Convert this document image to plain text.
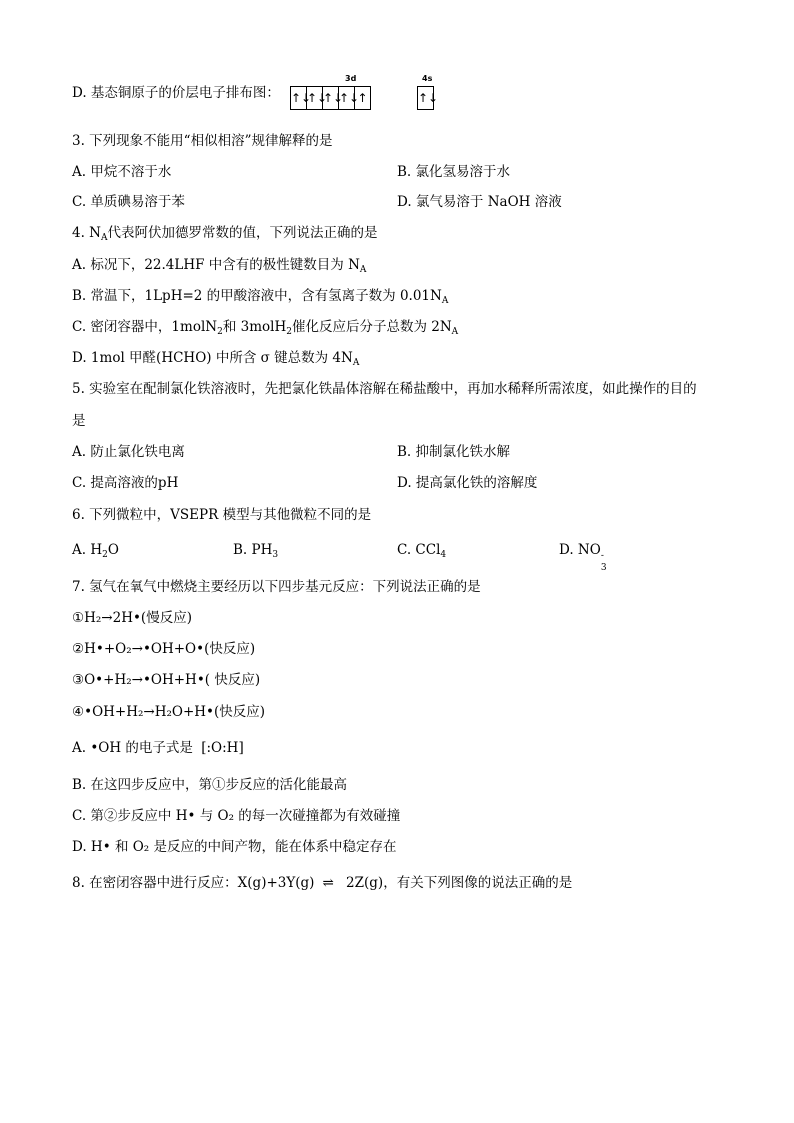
D. 基态铜原子的价层电子排布图：
3d
↑↓
↑↓
↑↓
↑↓
↑
4s
↑↓
3. 下列现象不能用“相似相溶”规律解释的是
A. 甲烷不溶于水	B. 氯化氢易溶于水
C. 单质碘易溶于苯	D. 氯气易溶于 NaOH 溶液
4. $N_A$代表阿伏加德罗常数的值，下列说法正确的是
A. 标况下，22.4LHF 中含有的极性键数目为 $N_A$
B. 常温下，1LpH=2 的甲酸溶液中，含有氢离子数为 $0.01N_A$
C. 密闭容器中，1molN$_2$和 3molH$_2$催化反应后分子总数为 $2N_A$
D. 1mol 甲醛(HCHO) 中所含 σ 键总数为 $4N_A$
5. 实验室在配制氯化铁溶液时，先把氯化铁晶体溶解在稀盐酸中，再加水稀释所需浓度，如此操作的目的
是
A. 防止氯化铁电离	B. 抑制氯化铁水解
C. 提高溶液的pH	D. 提高氯化铁的溶解度
6. 下列微粒中，VSEPR 模型与其他微粒不同的是
A. $H_2O$	B. $PH_3$	C. CCl$_4$	D. NO -
3
7. 氢气在氧气中燃烧主要经历以下四步基元反应：下列说法正确的是
①H₂→2H•(慢反应)
②H•+O₂→•OH+O•(快反应)
③O•+H₂→•OH+H•( 快反应)
④•OH+H₂→H₂O+H•(快反应)
A. •OH 的电子式是 [:O:H]
B. 在这四步反应中，第①步反应的活化能最高
C. 第②步反应中 H• 与 O₂ 的每一次碰撞都为有效碰撞
D. H• 和 O₂ 是反应的中间产物，能在体系中稳定存在
8. 在密闭容器中进行反应：X(g)+3Y(g) ⇌ 2Z(g)，有关下列图像的说法正确的是
